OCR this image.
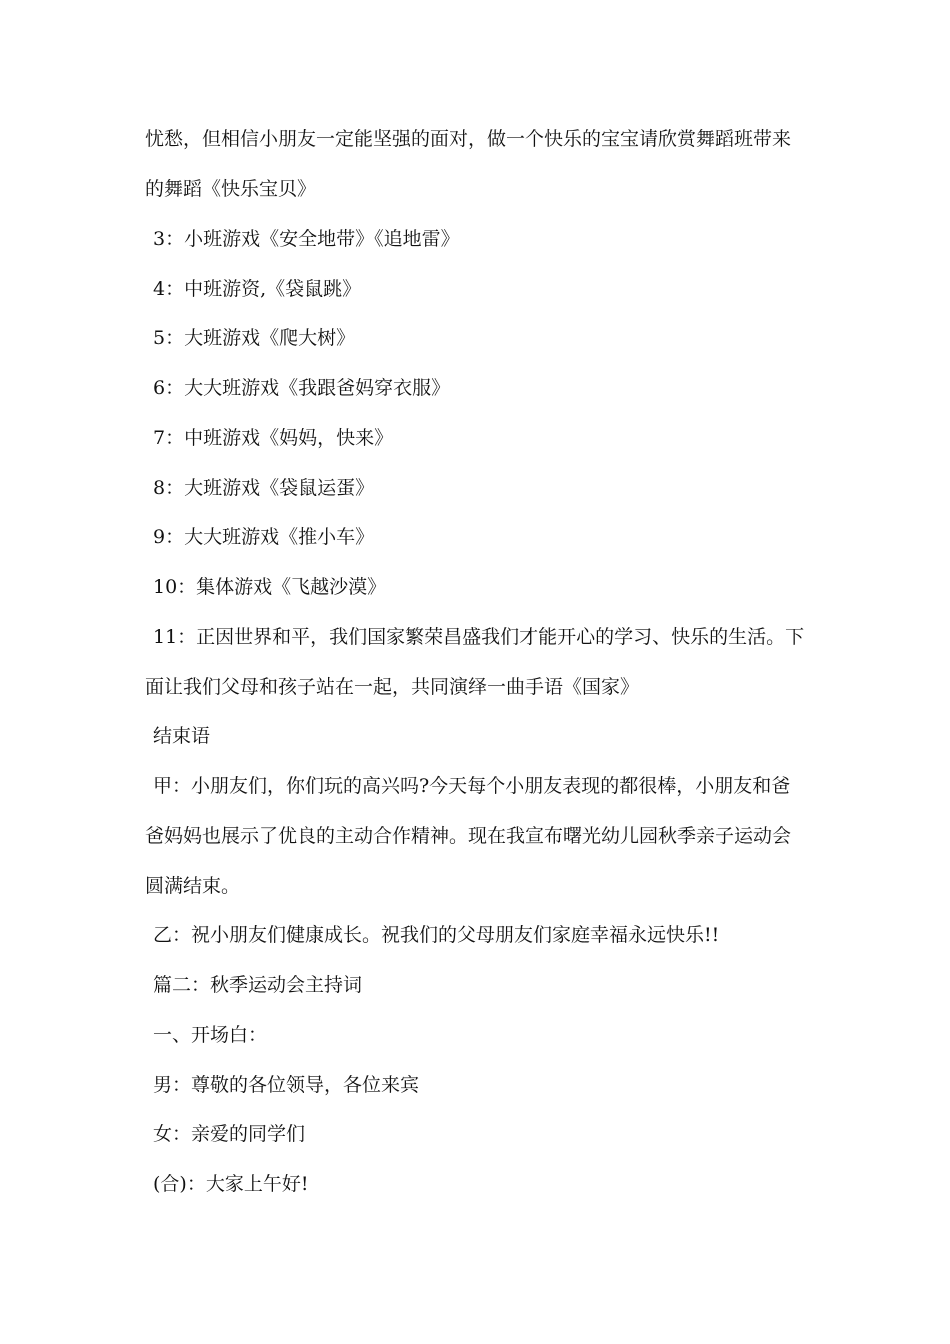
忧愁，但相信小朋友一定能坚强的面对，做一个快乐的宝宝请欣赏舞蹈班带来
的舞蹈《快乐宝贝》
3：小班游戏《安全地带》《追地雷》
4：中班游资,《袋鼠跳》
5：大班游戏《爬大树》
6：大大班游戏《我跟爸妈穿衣服》
7：中班游戏《妈妈，快来》
8：大班游戏《袋鼠运蛋》
9：大大班游戏《推小车》
10：集体游戏《飞越沙漠》
11：正因世界和平，我们国家繁荣昌盛我们才能开心的学习、快乐的生活。下
面让我们父母和孩子站在一起，共同演绎一曲手语《国家》
结束语
甲：小朋友们，你们玩的高兴吗?今天每个小朋友表现的都很棒，小朋友和爸
爸妈妈也展示了优良的主动合作精神。现在我宣布曙光幼儿园秋季亲子运动会
圆满结束。
乙：祝小朋友们健康成长。祝我们的父母朋友们家庭幸福永远快乐!!
篇二：秋季运动会主持词
一、开场白：
男：尊敬的各位领导，各位来宾
女：亲爱的同学们
(合)：大家上午好!
